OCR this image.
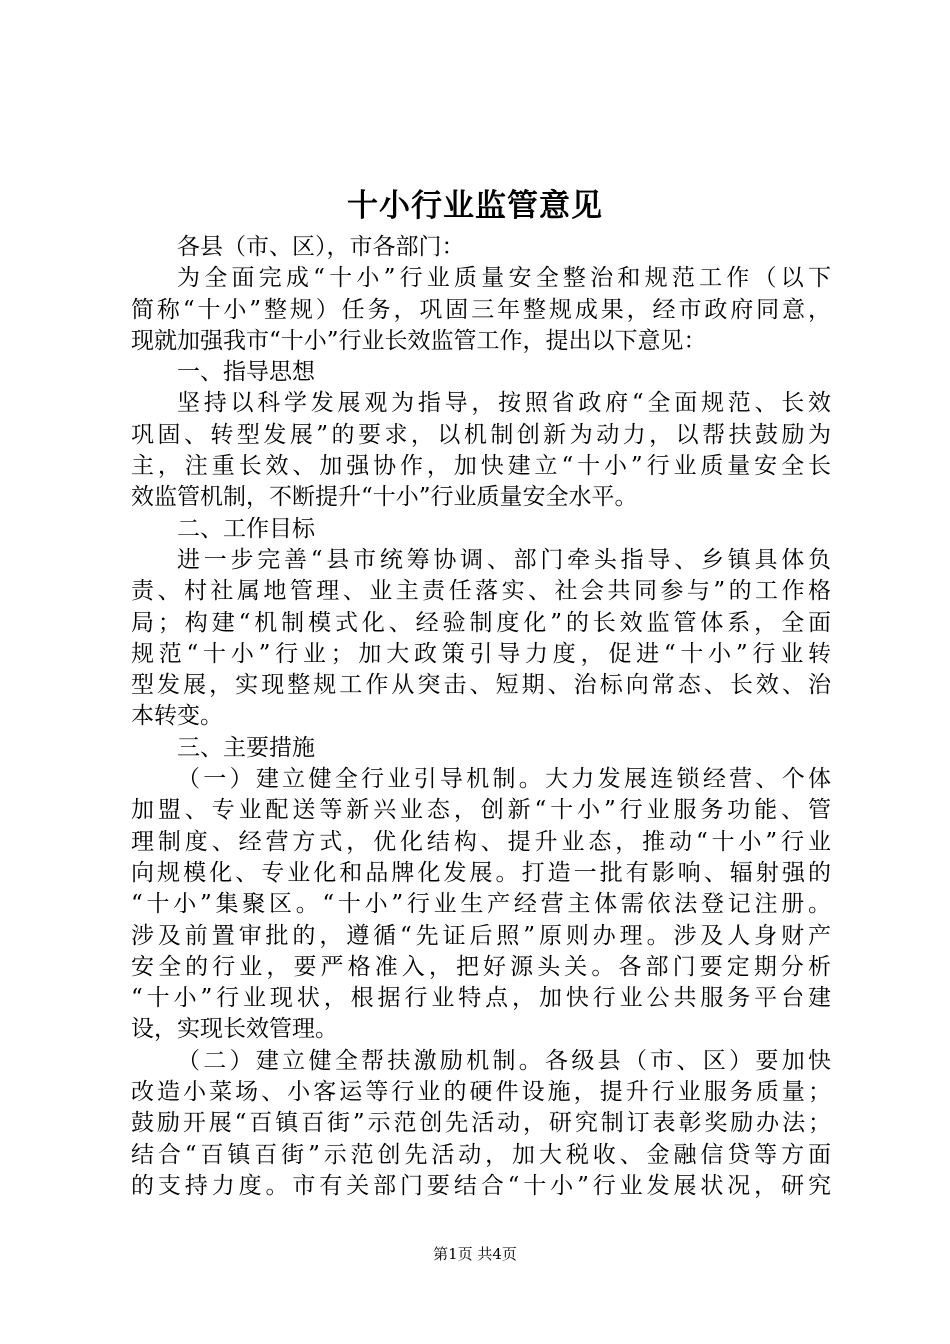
十小行业监管意见
各县（市、区），市各部门：
为全面完成“十小”行业质量安全整治和规范工作（以下
简称“十小”整规）任务，巩固三年整规成果，经市政府同意，
现就加强我市“十小”行业长效监管工作，提出以下意见：
一、指导思想
坚持以科学发展观为指导，按照省政府“全面规范、长效
巩固、转型发展”的要求，以机制创新为动力，以帮扶鼓励为
主，注重长效、加强协作，加快建立“十小”行业质量安全长
效监管机制，不断提升“十小”行业质量安全水平。
二、工作目标
进一步完善“县市统筹协调、部门牵头指导、乡镇具体负
责、村社属地管理、业主责任落实、社会共同参与”的工作格
局；构建“机制模式化、经验制度化”的长效监管体系，全面
规范“十小”行业；加大政策引导力度，促进“十小”行业转
型发展，实现整规工作从突击、短期、治标向常态、长效、治
本转变。
三、主要措施
（一）建立健全行业引导机制。大力发展连锁经营、个体
加盟、专业配送等新兴业态，创新“十小”行业服务功能、管
理制度、经营方式，优化结构、提升业态，推动“十小”行业
向规模化、专业化和品牌化发展。打造一批有影响、辐射强的
“十小”集聚区。“十小”行业生产经营主体需依法登记注册。
涉及前置审批的，遵循“先证后照”原则办理。涉及人身财产
安全的行业，要严格准入，把好源头关。各部门要定期分析
“十小”行业现状，根据行业特点，加快行业公共服务平台建
设，实现长效管理。
（二）建立健全帮扶激励机制。各级县（市、区）要加快
改造小菜场、小客运等行业的硬件设施，提升行业服务质量；
鼓励开展“百镇百街”示范创先活动，研究制订表彰奖励办法；
结合“百镇百街”示范创先活动，加大税收、金融信贷等方面
的支持力度。市有关部门要结合“十小”行业发展状况，研究
第1页 共4页
